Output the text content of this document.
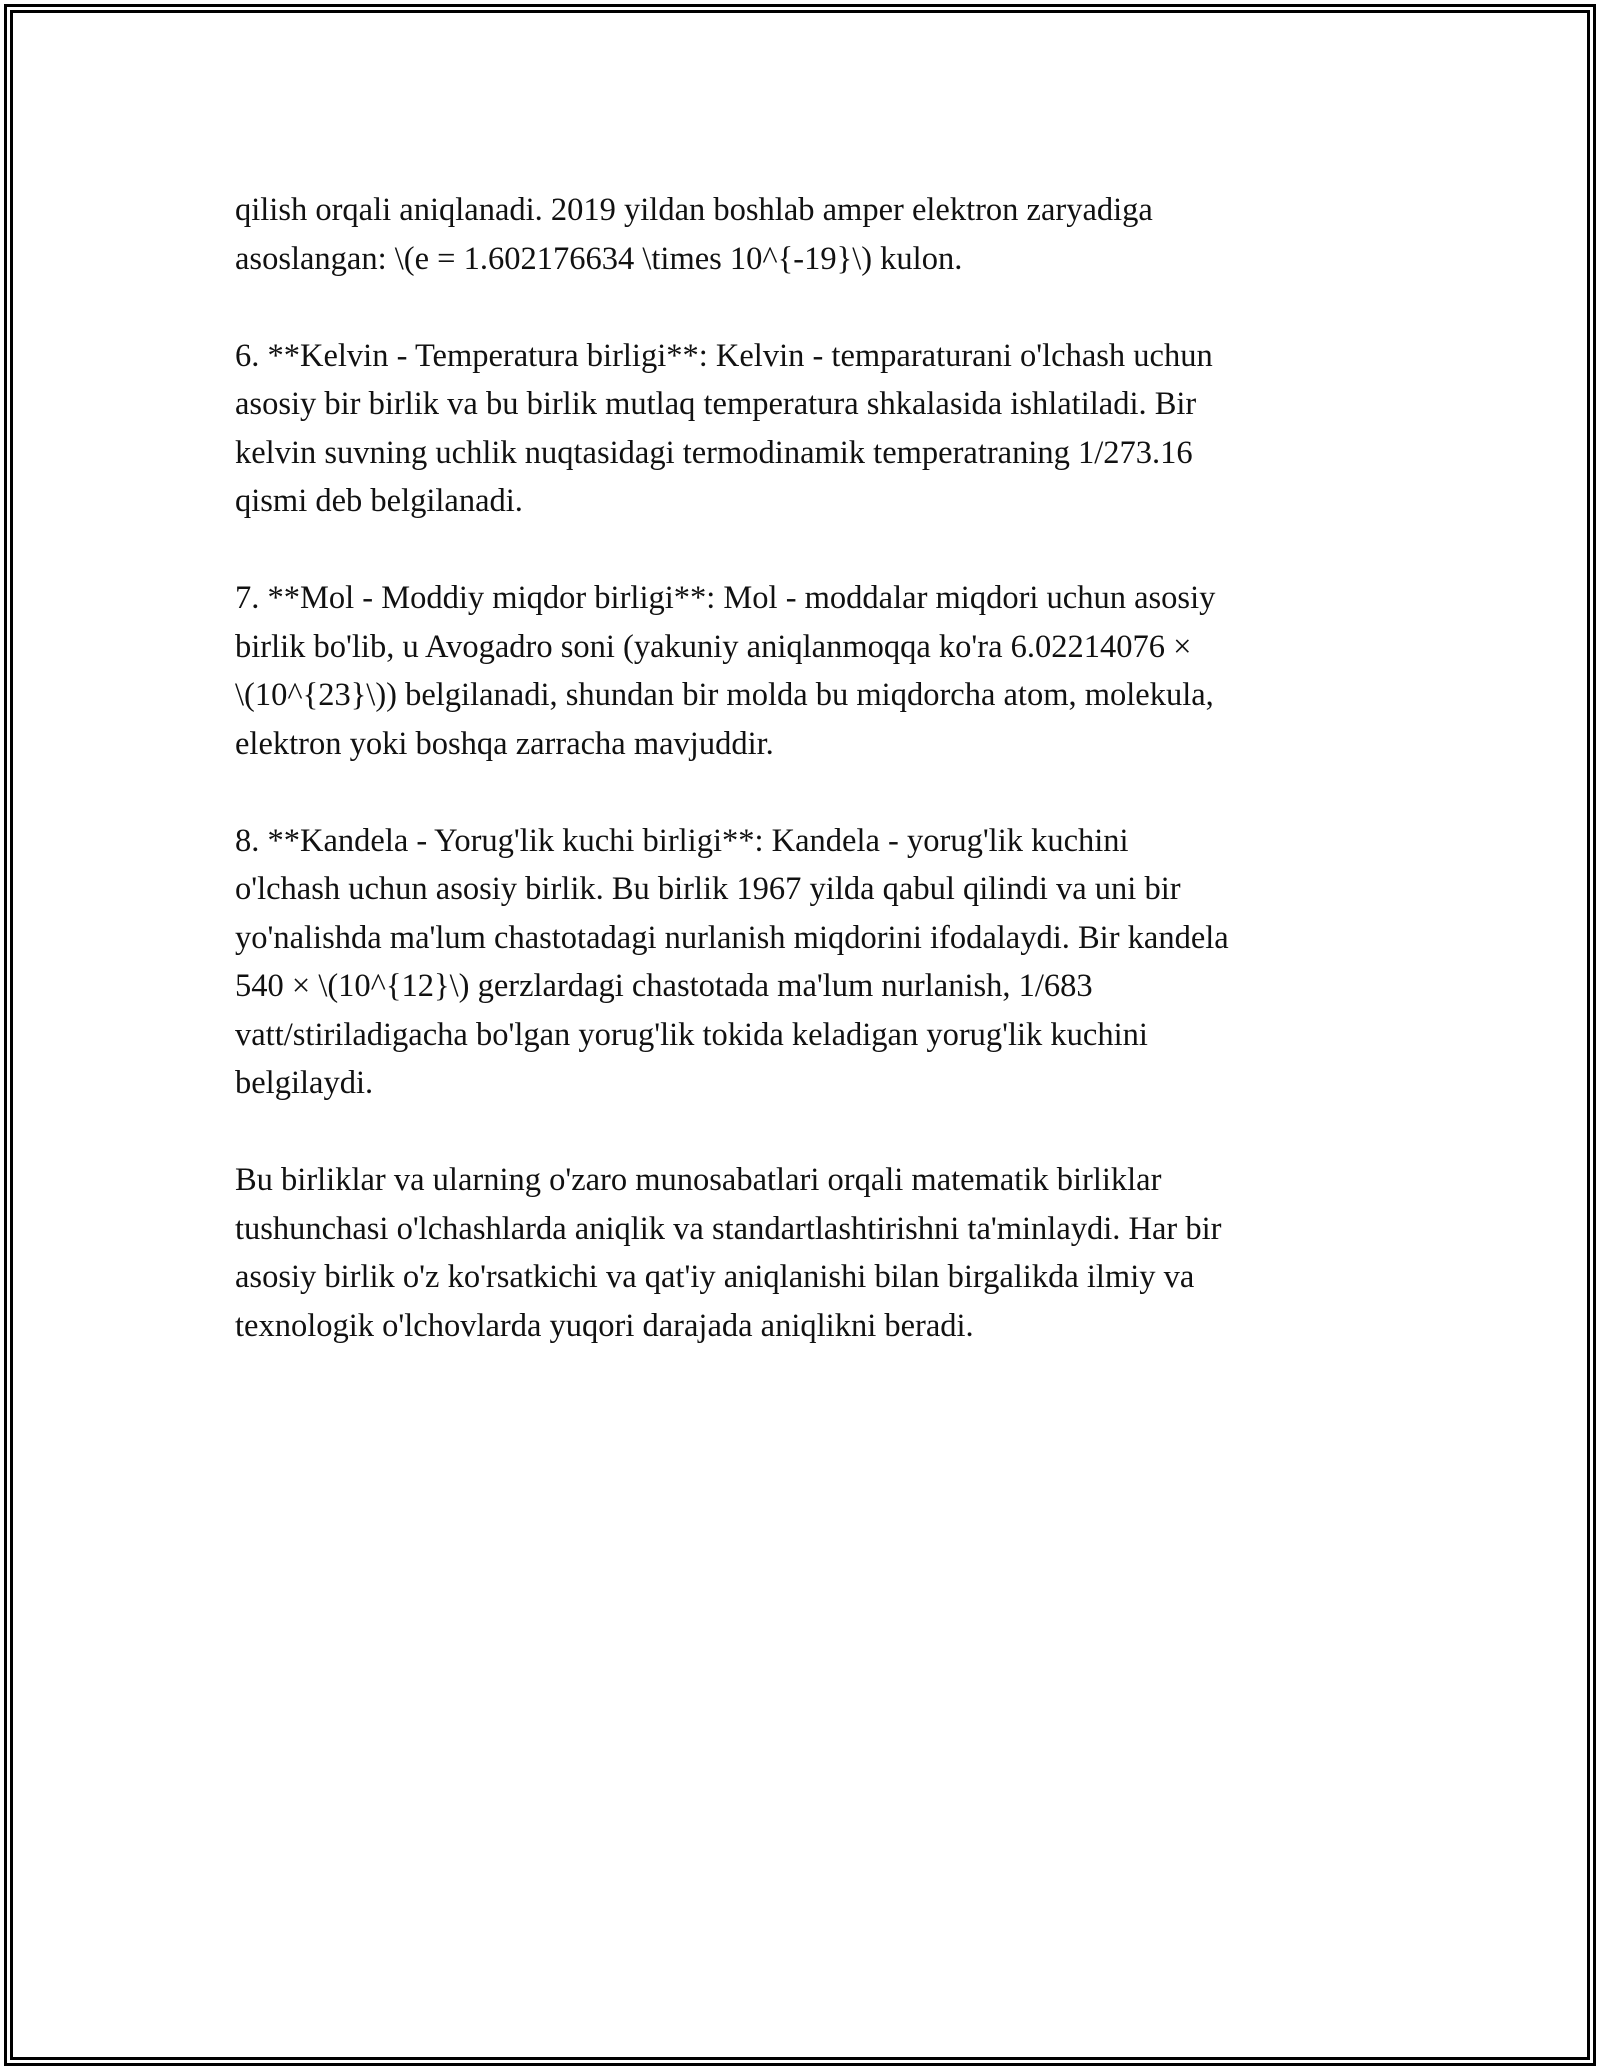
qilish orqali aniqlanadi. 2019 yildan boshlab amper elektron zaryadiga
asoslangan: \(e = 1.602176634 \times 10^{-19}\) kulon.

6. **Kelvin - Temperatura birligi**: Kelvin - temparaturani o'lchash uchun
asosiy bir birlik va bu birlik mutlaq temperatura shkalasida ishlatiladi. Bir
kelvin suvning uchlik nuqtasidagi termodinamik temperatraning 1/273.16
qismi deb belgilanadi.

7. **Mol - Moddiy miqdor birligi**: Mol - moddalar miqdori uchun asosiy
birlik bo'lib, u Avogadro soni (yakuniy aniqlanmoqqa ko'ra 6.02214076 ×
\(10^{23}\)) belgilanadi, shundan bir molda bu miqdorcha atom, molekula,
elektron yoki boshqa zarracha mavjuddir.

8. **Kandela - Yorug'lik kuchi birligi**: Kandela - yorug'lik kuchini
o'lchash uchun asosiy birlik. Bu birlik 1967 yilda qabul qilindi va uni bir
yo'nalishda ma'lum chastotadagi nurlanish miqdorini ifodalaydi. Bir kandela
540 × \(10^{12}\) gerzlardagi chastotada ma'lum nurlanish, 1/683
vatt/stiriladigacha bo'lgan yorug'lik tokida keladigan yorug'lik kuchini
belgilaydi.

Bu birliklar va ularning o'zaro munosabatlari orqali matematik birliklar
tushunchasi o'lchashlarda aniqlik va standartlashtirishni ta'minlaydi. Har bir
asosiy birlik o'z ko'rsatkichi va qat'iy aniqlanishi bilan birgalikda ilmiy va
texnologik o'lchovlarda yuqori darajada aniqlikni beradi.
